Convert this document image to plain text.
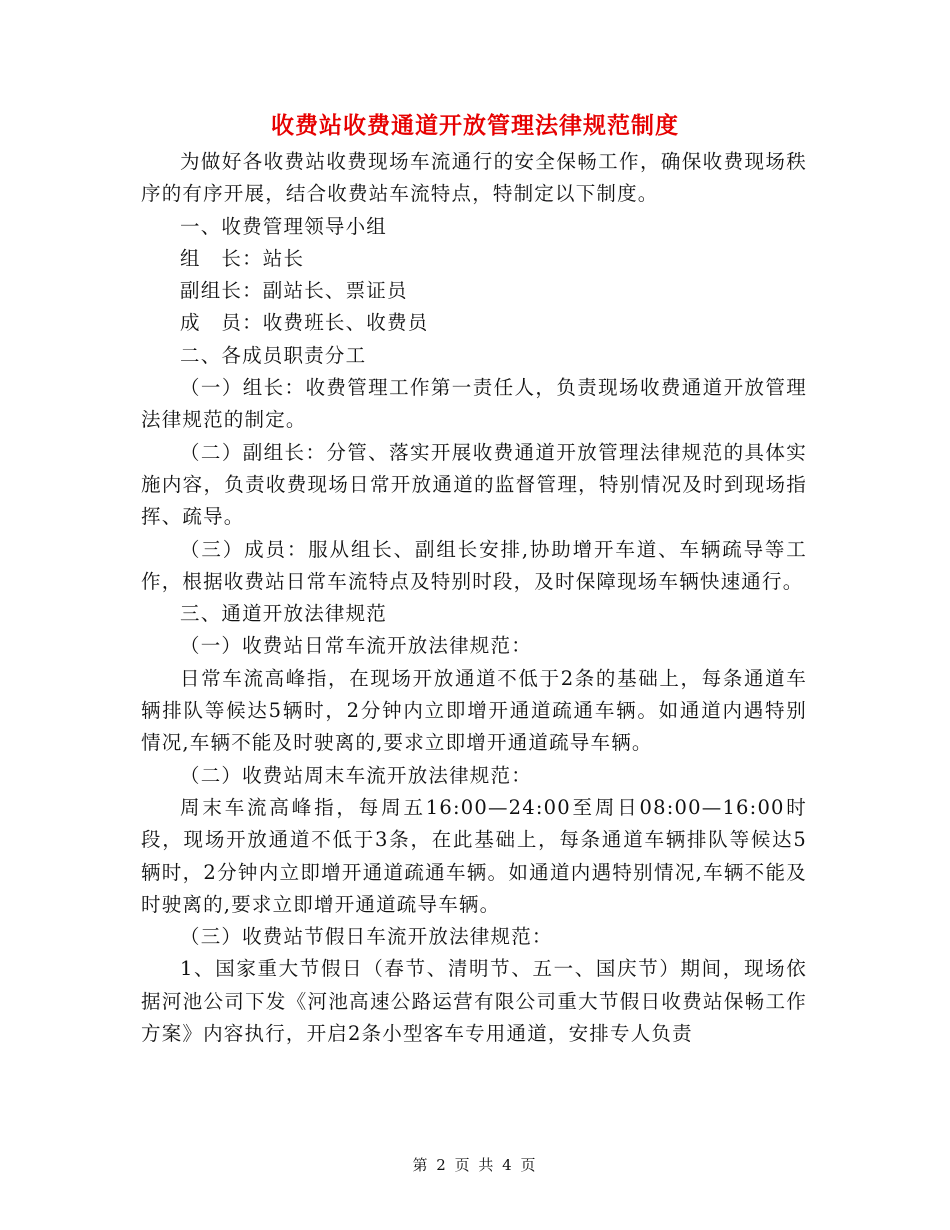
收费站收费通道开放管理法律规范制度

为做好各收费站收费现场车流通行的安全保畅工作，确保收费现场秩序的有序开展，结合收费站车流特点，特制定以下制度。

一、收费管理领导小组

组　长：站长

副组长：副站长、票证员

成　员：收费班长、收费员

二、各成员职责分工

（一）组长：收费管理工作第一责任人，负责现场收费通道开放管理法律规范的制定。

（二）副组长：分管、落实开展收费通道开放管理法律规范的具体实施内容，负责收费现场日常开放通道的监督管理，特别情况及时到现场指挥、疏导。

（三）成员：服从组长、副组长安排,协助增开车道、车辆疏导等工作，根据收费站日常车流特点及特别时段，及时保障现场车辆快速通行。

三、通道开放法律规范

（一）收费站日常车流开放法律规范：

日常车流高峰指，在现场开放通道不低于2条的基础上，每条通道车辆排队等候达5辆时，2分钟内立即增开通道疏通车辆。如通道内遇特别情况,车辆不能及时驶离的,要求立即增开通道疏导车辆。

（二）收费站周末车流开放法律规范：

周末车流高峰指，每周五16:00—24:00至周日08:00—16:00时段，现场开放通道不低于3条，在此基础上，每条通道车辆排队等候达5辆时，2分钟内立即增开通道疏通车辆。如通道内遇特别情况,车辆不能及时驶离的,要求立即增开通道疏导车辆。

（三）收费站节假日车流开放法律规范：

1、国家重大节假日（春节、清明节、五一、国庆节）期间，现场依据河池公司下发《河池高速公路运营有限公司重大节假日收费站保畅工作方案》内容执行，开启2条小型客车专用通道，安排专人负责

第 2 页 共 4 页
